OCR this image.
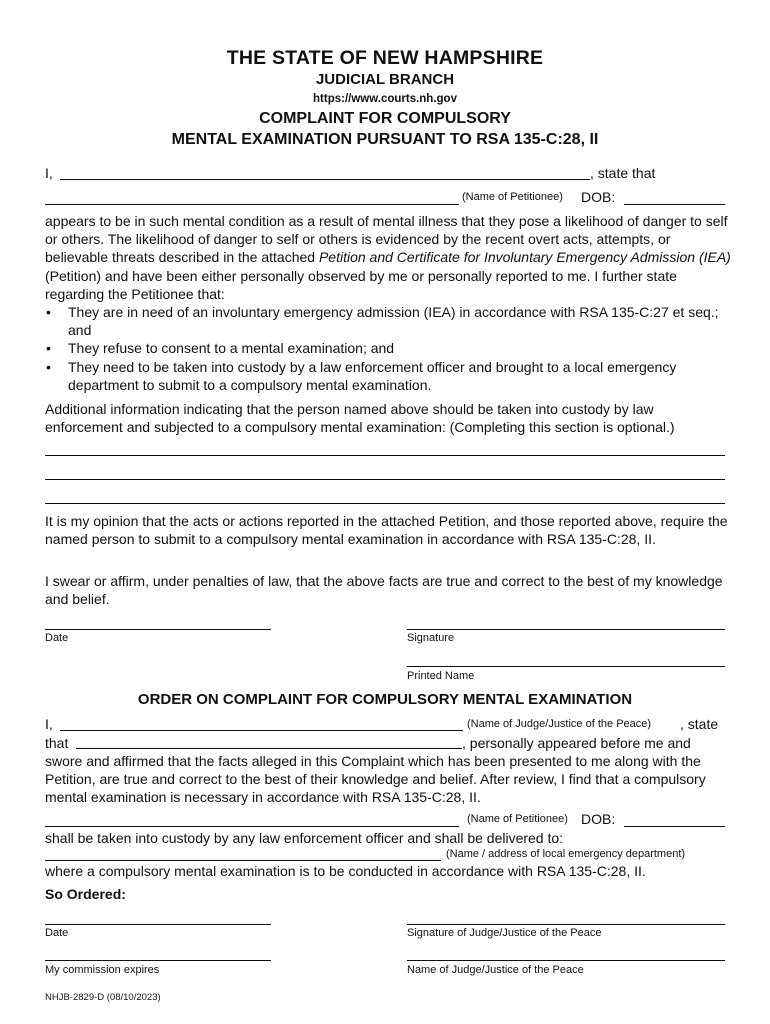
THE STATE OF NEW HAMPSHIRE
JUDICIAL BRANCH
https://www.courts.nh.gov
COMPLAINT FOR COMPULSORY
MENTAL EXAMINATION PURSUANT TO RSA 135-C:28, II
I,	, state that
(Name of Petitionee) DOB:
appears to be in such mental condition as a result of mental illness that they pose a likelihood of danger to self or others. The likelihood of danger to self or others is evidenced by the recent overt acts, attempts, or believable threats described in the attached Petition and Certificate for Involuntary Emergency Admission (IEA) (Petition) and have been either personally observed by me or personally reported to me. I further state regarding the Petitionee that:
• They are in need of an involuntary emergency admission (IEA) in accordance with RSA 135-C:27 et seq.; and
• They refuse to consent to a mental examination; and
• They need to be taken into custody by a law enforcement officer and brought to a local emergency department to submit to a compulsory mental examination.
Additional information indicating that the person named above should be taken into custody by law enforcement and subjected to a compulsory mental examination: (Completing this section is optional.)
It is my opinion that the acts or actions reported in the attached Petition, and those reported above, require the named person to submit to a compulsory mental examination in accordance with RSA 135-C:28, II.
I swear or affirm, under penalties of law, that the above facts are true and correct to the best of my knowledge and belief.
Date	Signature
Printed Name
ORDER ON COMPLAINT FOR COMPULSORY MENTAL EXAMINATION
I,	(Name of Judge/Justice of the Peace) , state
that	, personally appeared before me and
swore and affirmed that the facts alleged in this Complaint which has been presented to me along with the Petition, are true and correct to the best of their knowledge and belief. After review, I find that a compulsory mental examination is necessary in accordance with RSA 135-C:28, II.
(Name of Petitionee) DOB:
shall be taken into custody by any law enforcement officer and shall be delivered to:
(Name / address of local emergency department)
where a compulsory mental examination is to be conducted in accordance with RSA 135-C:28, II.
So Ordered:
Date	Signature of Judge/Justice of the Peace
My commission expires	Name of Judge/Justice of the Peace
NHJB-2829-D (08/10/2023)
